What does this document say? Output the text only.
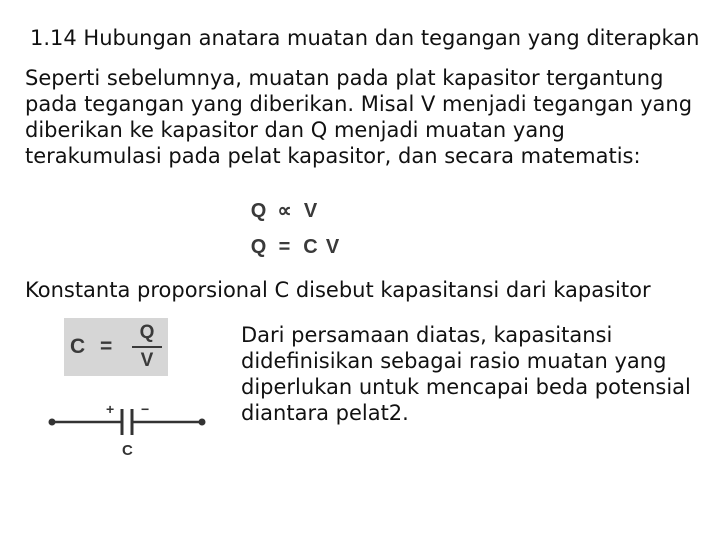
1.14 Hubungan anatara muatan dan tegangan yang diterapkan

Seperti sebelumnya, muatan pada plat kapasitor tergantung
pada tegangan yang diberikan. Misal V menjadi tegangan yang
diberikan ke kapasitor dan Q menjadi muatan yang
terakumulasi pada pelat kapasitor, dan secara matematis:

Q ∝ V
Q = C V
Konstanta proporsional C disebut kapasitansi dari kapasitor
C =
Q
V
+ −
C

Dari persamaan diatas, kapasitansi
didefinisikan sebagai rasio muatan yang
diperlukan untuk mencapai beda potensial
diantara pelat2.
